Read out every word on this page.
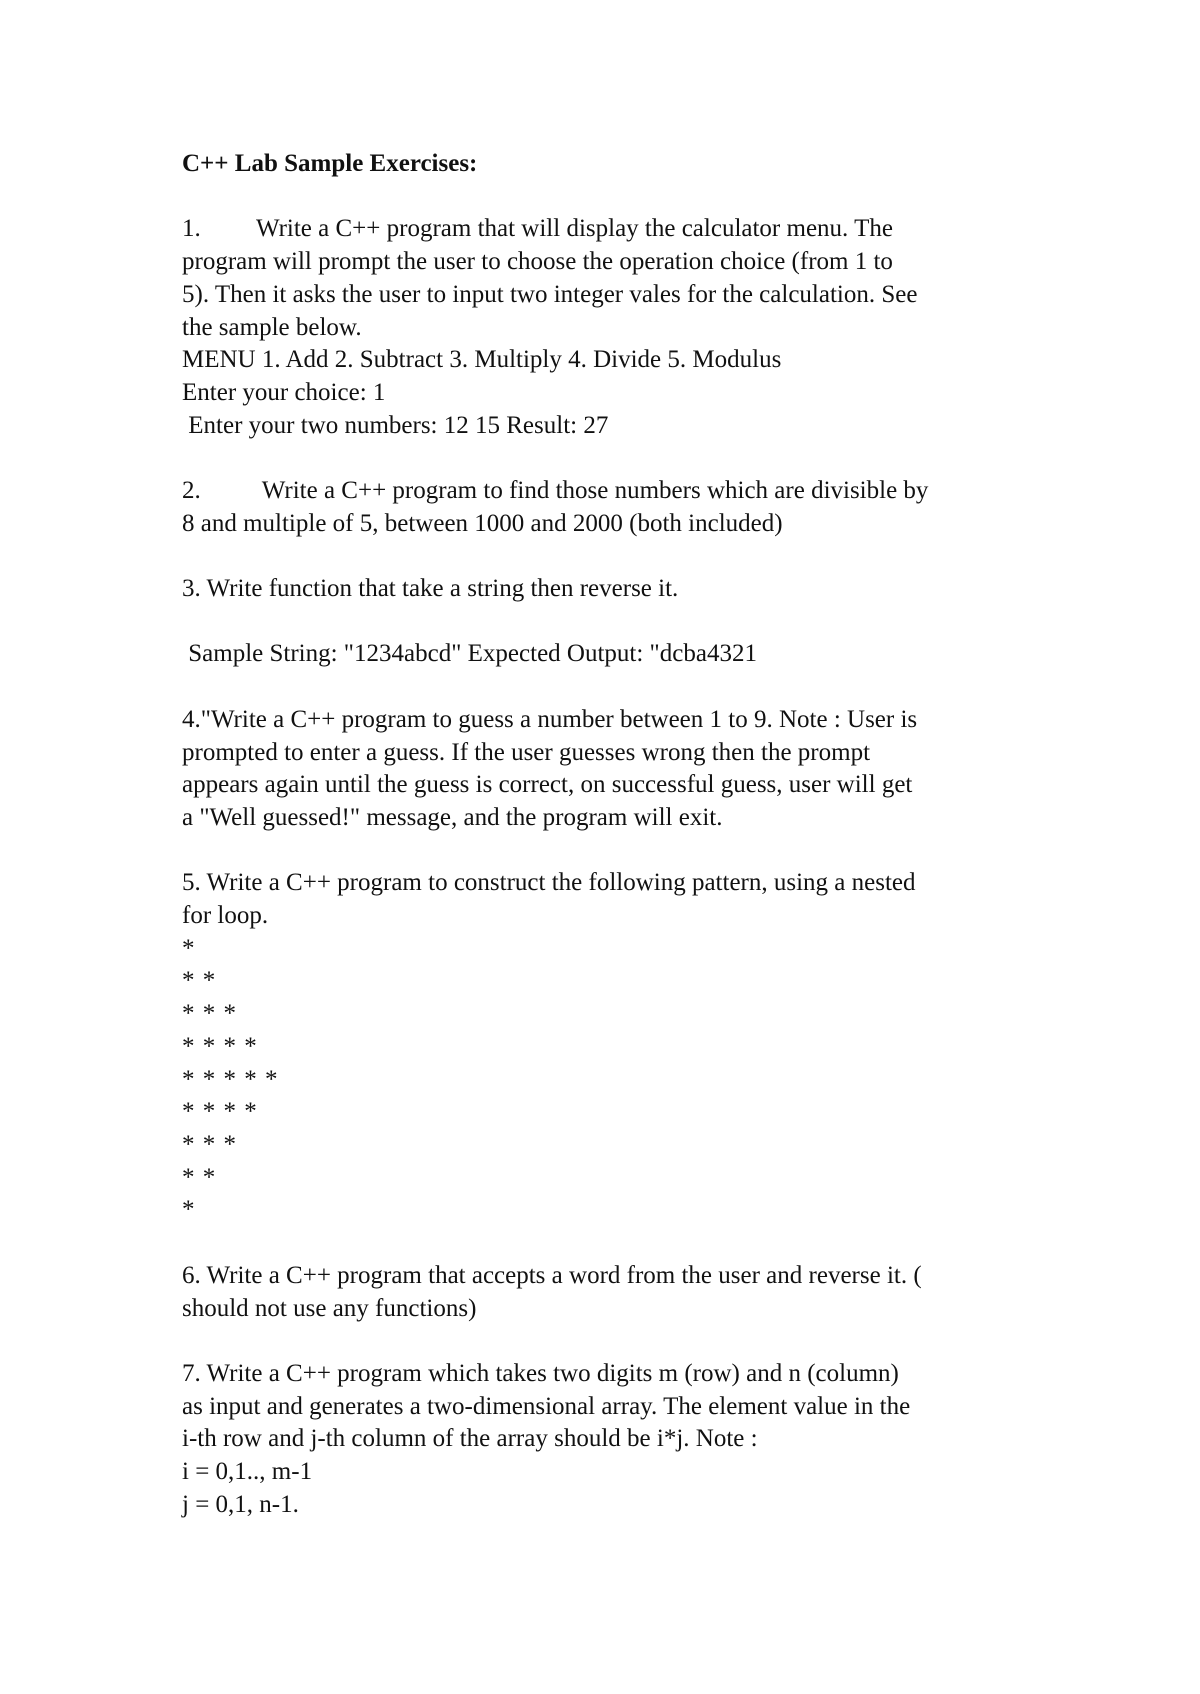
C++ Lab Sample Exercises:
1. Write a C++ program that will display the calculator menu. The
program will prompt the user to choose the operation choice (from 1 to
5). Then it asks the user to input two integer vales for the calculation. See
the sample below.
MENU 1. Add 2. Subtract 3. Multiply 4. Divide 5. Modulus
Enter your choice: 1
Enter your two numbers: 12 15 Result: 27
2. Write a C++ program to find those numbers which are divisible by
8 and multiple of 5, between 1000 and 2000 (both included)
3. Write function that take a string then reverse it.
Sample String: "1234abcd" Expected Output: "dcba4321
4."Write a C++ program to guess a number between 1 to 9. Note : User is
prompted to enter a guess. If the user guesses wrong then the prompt
appears again until the guess is correct, on successful guess, user will get
a "Well guessed!" message, and the program will exit.
5. Write a C++ program to construct the following pattern, using a nested
for loop.
*
* *
* * *
* * * *
* * * * *
* * * *
* * *
* *
*
6. Write a C++ program that accepts a word from the user and reverse it. (
should not use any functions)
7. Write a C++ program which takes two digits m (row) and n (column)
as input and generates a two-dimensional array. The element value in the
i-th row and j-th column of the array should be i*j. Note :
i = 0,1.., m-1
j = 0,1, n-1.
